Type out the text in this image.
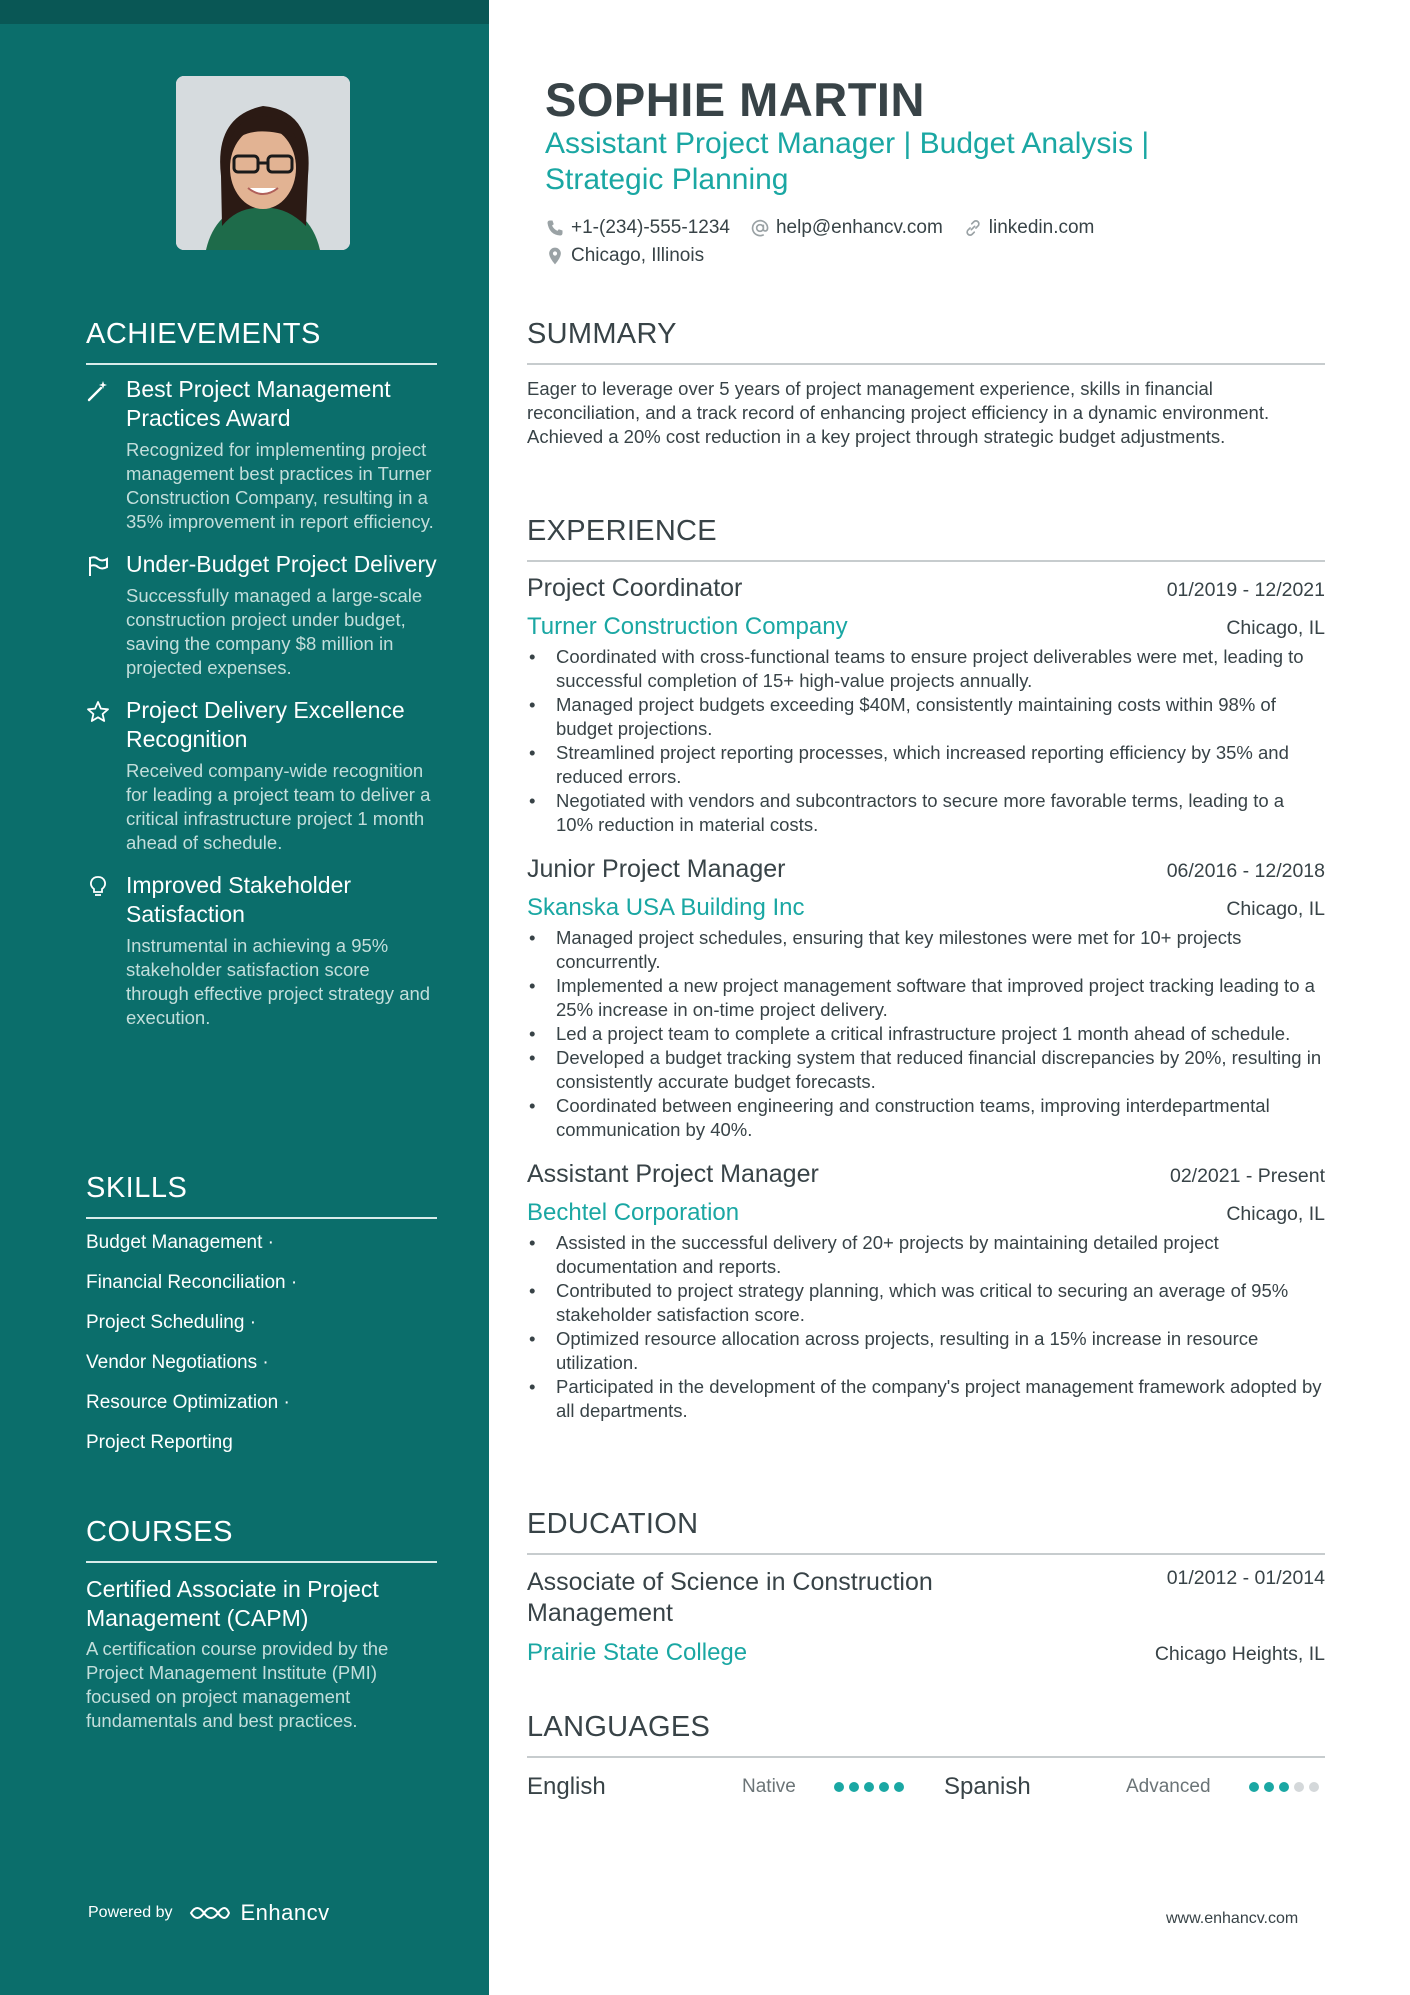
ACHIEVEMENTS
Best Project Management Practices Award
Recognized for implementing project management best practices in Turner Construction Company, resulting in a 35% improvement in report efficiency.
Under-Budget Project Delivery
Successfully managed a large-scale construction project under budget, saving the company $8 million in projected expenses.
Project Delivery Excellence Recognition
Received company-wide recognition for leading a project team to deliver a critical infrastructure project 1 month ahead of schedule.
Improved Stakeholder Satisfaction
Instrumental in achieving a 95% stakeholder satisfaction score through effective project strategy and execution.
SKILLS
Budget Management ·
Financial Reconciliation ·
Project Scheduling ·
Vendor Negotiations ·
Resource Optimization ·
Project Reporting
COURSES
Certified Associate in Project Management (CAPM)
A certification course provided by the Project Management Institute (PMI) focused on project management fundamentals and best practices.
Powered by	Enhancv
SOPHIE MARTIN
Assistant Project Manager | Budget Analysis | Strategic Planning
+1-(234)-555-1234 help@enhancv.com linkedin.com
Chicago, Illinois
SUMMARY
Eager to leverage over 5 years of project management experience, skills in financial reconciliation, and a track record of enhancing project efficiency in a dynamic environment. Achieved a 20% cost reduction in a key project through strategic budget adjustments.
EXPERIENCE
Project Coordinator	01/2019 - 12/2021
Turner Construction Company	Chicago, IL
• Coordinated with cross-functional teams to ensure project deliverables were met, leading to successful completion of 15+ high-value projects annually.
• Managed project budgets exceeding $40M, consistently maintaining costs within 98% of budget projections.
• Streamlined project reporting processes, which increased reporting efficiency by 35% and reduced errors.
• Negotiated with vendors and subcontractors to secure more favorable terms, leading to a 10% reduction in material costs.
Junior Project Manager	06/2016 - 12/2018
Skanska USA Building Inc	Chicago, IL
• Managed project schedules, ensuring that key milestones were met for 10+ projects concurrently.
• Implemented a new project management software that improved project tracking leading to a 25% increase in on-time project delivery.
• Led a project team to complete a critical infrastructure project 1 month ahead of schedule.
• Developed a budget tracking system that reduced financial discrepancies by 20%, resulting in consistently accurate budget forecasts.
• Coordinated between engineering and construction teams, improving interdepartmental communication by 40%.
Assistant Project Manager	02/2021 - Present
Bechtel Corporation	Chicago, IL
• Assisted in the successful delivery of 20+ projects by maintaining detailed project documentation and reports.
• Contributed to project strategy planning, which was critical to securing an average of 95% stakeholder satisfaction score.
• Optimized resource allocation across projects, resulting in a 15% increase in resource utilization.
• Participated in the development of the company's project management framework adopted by all departments.
EDUCATION
Associate of Science in Construction Management
01/2012 - 01/2014
Prairie State College	Chicago Heights, IL
LANGUAGES
English	Native	Spanish	Advanced
www.enhancv.com
